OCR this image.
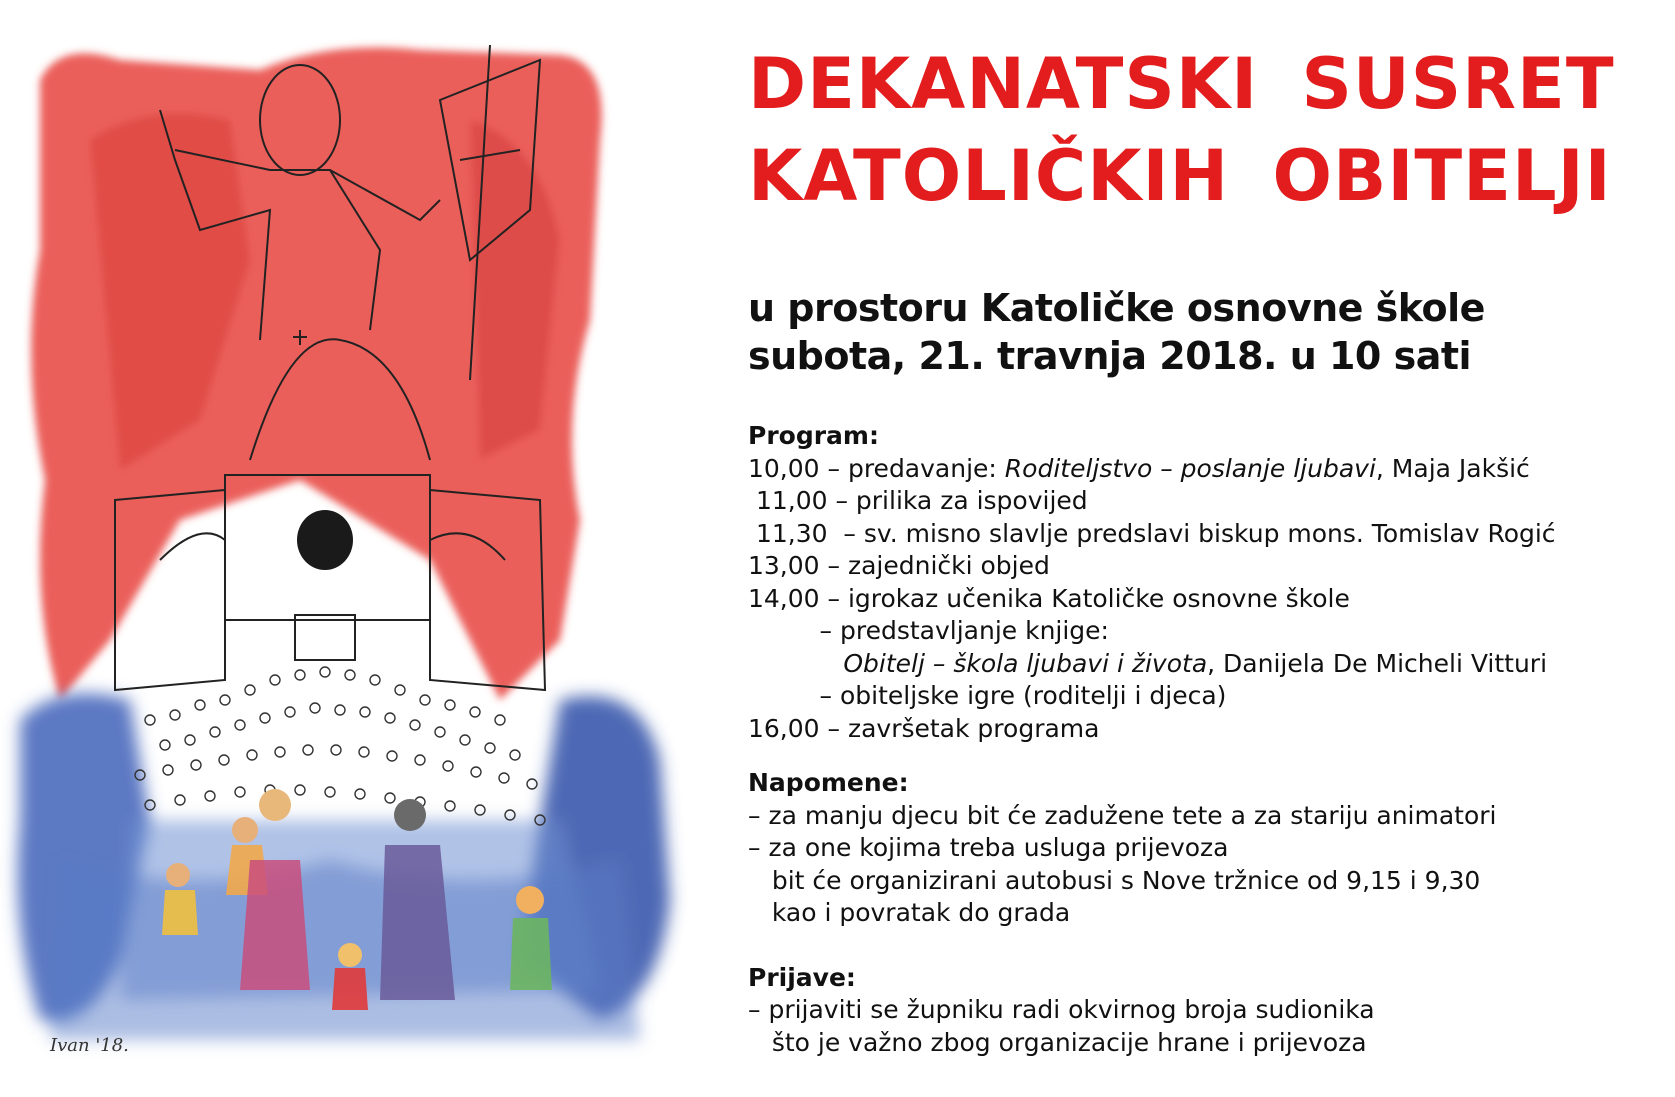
Ivan '18.
DEKANATSKI SUSRET
KATOLIČKIH OBITELJI
u prostoru Katoličke osnovne škole
subota, 21. travnja 2018. u 10 sati
Program:
10,00 – predavanje: Roditeljstvo – poslanje ljubavi, Maja Jakšić
11,00 – prilika za ispovijed
11,30  – sv. misno slavlje predslavi biskup mons. Tomislav Rogić
13,00 – zajednički objed
14,00 – igrokaz učenika Katoličke osnovne škole
– predstavljanje knjige:
Obitelj – škola ljubavi i života, Danijela De Micheli Vitturi
– obiteljske igre (roditelji i djeca)
16,00 – završetak programa
Napomene:
– za manju djecu bit će zadužene tete a za stariju animatori
– za one kojima treba usluga prijevoza
bit će organizirani autobusi s Nove tržnice od 9,15 i 9,30
kao i povratak do grada
Prijave:
– prijaviti se župniku radi okvirnog broja sudionika
što je važno zbog organizacije hrane i prijevoza
